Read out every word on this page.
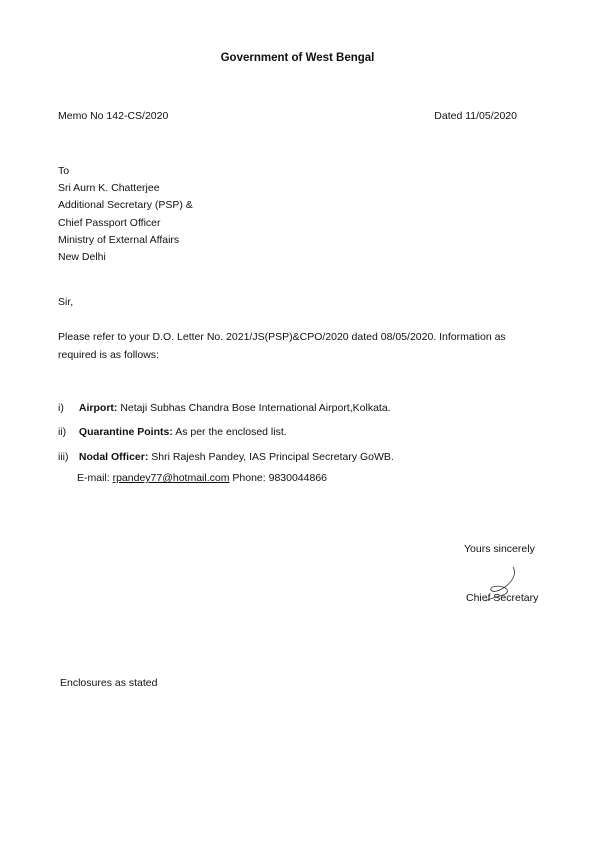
Government of West Bengal
Memo No 142-CS/2020	Dated 11/05/2020
To
Sri Aurn K. Chatterjee
Additional Secretary (PSP) &
Chief Passport Officer
Ministry of External Affairs
New Delhi
Sir,
Please refer to your D.O. Letter No. 2021/JS(PSP)&CPO/2020 dated 08/05/2020. Information as required is as follows:
i) Airport: Netaji Subhas Chandra Bose International Airport,Kolkata.
ii) Quarantine Points: As per the enclosed list.
iii) Nodal Officer: Shri Rajesh Pandey, IAS Principal Secretary GoWB.
E-mail: rpandey77@hotmail.com Phone: 9830044866
Yours sincerely
Chief Secretary
Enclosures as stated
